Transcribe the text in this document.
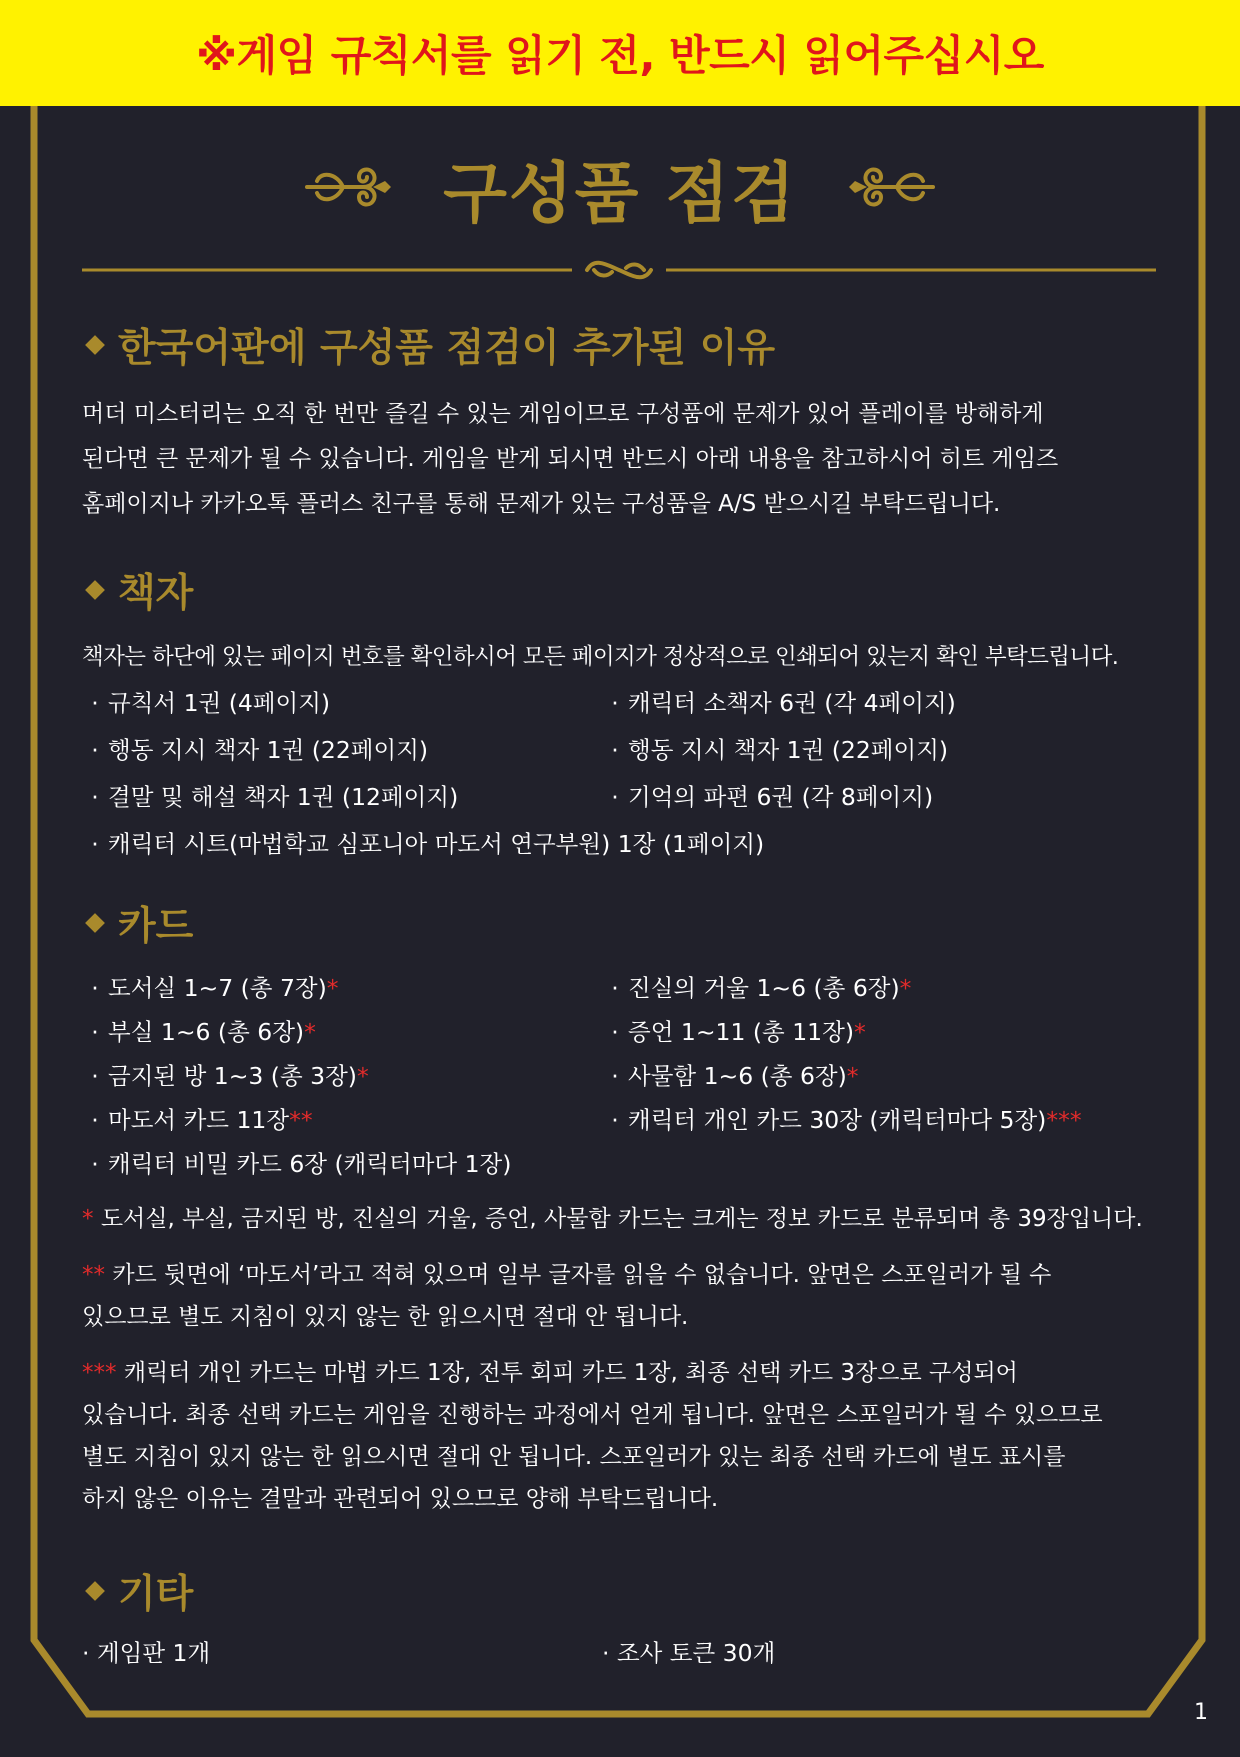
※게임 규칙서를 읽기 전, 반드시 읽어주십시오
구성품 점검
한국어판에 구성품 점검이 추가된 이유

머더 미스터리는 오직 한 번만 즐길 수 있는 게임이므로 구성품에 문제가 있어 플레이를 방해하게

된다면 큰 문제가 될 수 있습니다. 게임을 받게 되시면 반드시 아래 내용을 참고하시어 히트 게임즈

홈페이지나 카카오톡 플러스 친구를 통해 문제가 있는 구성품을 A/S 받으시길 부탁드립니다.

책자

책자는 하단에 있는 페이지 번호를 확인하시어 모든 페이지가 정상적으로 인쇄되어 있는지 확인 부탁드립니다.

· 규칙서 1권 (4페이지)	· 캐릭터 소책자 6권 (각 4페이지)
· 행동 지시 책자 1권 (22페이지)	· 행동 지시 책자 1권 (22페이지)
· 결말 및 해설 책자 1권 (12페이지)	· 기억의 파편 6권 (각 8페이지)
· 캐릭터 시트(마법학교 심포니아 마도서 연구부원) 1장 (1페이지)
카드
· 도서실 1~7 (총 7장) *	· 진실의 거울 1~6 (총 6장) *
· 부실 1~6 (총 6장) *	· 증언 1~11 (총 11장) *
· 금지된 방 1~3 (총 3장) *	· 사물함 1~6 (총 6장) *
· 마도서 카드 11장 **	· 캐릭터 개인 카드 30장 (캐릭터마다 5장) ***
· 캐릭터 비밀 카드 6장 (캐릭터마다 1장)

* 도서실, 부실, 금지된 방, 진실의 거울, 증언, 사물함 카드는 크게는 정보 카드로 분류되며 총 39장입니다.

** 카드 뒷면에 ‘마도서’라고 적혀 있으며 일부 글자를 읽을 수 없습니다. 앞면은 스포일러가 될 수

있으므로 별도 지침이 있지 않는 한 읽으시면 절대 안 됩니다.

*** 캐릭터 개인 카드는 마법 카드 1장, 전투 회피 카드 1장, 최종 선택 카드 3장으로 구성되어

있습니다. 최종 선택 카드는 게임을 진행하는 과정에서 얻게 됩니다. 앞면은 스포일러가 될 수 있으므로

별도 지침이 있지 않는 한 읽으시면 절대 안 됩니다. 스포일러가 있는 최종 선택 카드에 별도 표시를

하지 않은 이유는 결말과 관련되어 있으므로 양해 부탁드립니다.

기타
· 게임판 1개	· 조사 토큰 30개
1
